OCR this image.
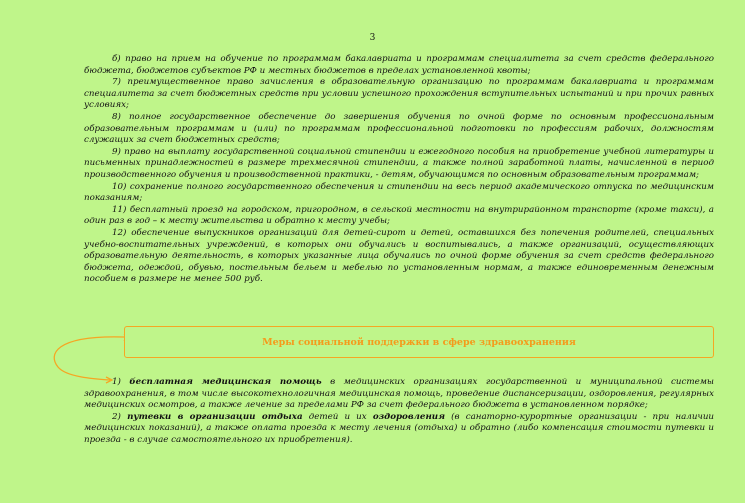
3

б) право на прием на обучение по программам бакалавриата и программам специалитета за счет средств федерального бюджета, бюджетов субъектов РФ и местных бюджетов в пределах установленной квоты;

7) преимущественное право зачисления в образовательную организацию по программам бакалавриата и программам специалитета за счет бюджетных средств при условии успешного прохождения вступительных испытаний и при прочих равных условиях;

8) полное государственное обеспечение до завершения обучения по очной форме по основным профессиональным образовательным программам и (или) по программам профессиональной подготовки по профессиям рабочих, должностям служащих за счет бюджетных средств;

9) право на выплату государственной социальной стипендии и ежегодного пособия на приобретение учебной литературы и письменных принадлежностей в размере трехмесячной стипендии, а также полной заработной платы, начисленной в период производственного обучения и производственной практики, - детям, обучающимся по основным образовательным программам;

10) сохранение полного государственного обеспечения и стипендии на весь период академического отпуска по медицинским показаниям;

11) бесплатный проезд на городском, пригородном, в сельской местности на внутрирайонном транспорте (кроме такси), а один раз в год – к месту жительства и обратно к месту учебы;

12) обеспечение выпускников организаций для детей-сирот и детей, оставшихся без попечения родителей, специальных учебно-воспитательных учреждений, в которых они обучались и воспитывались, а также организаций, осуществляющих образовательную деятельность, в которых указанные лица обучались по очной форме обучения за счет средств федерального бюджета, одеждой, обувью, постельным бельем и мебелью по установленным нормам, а также единовременным денежным пособием в размере не менее 500 руб.

Меры социальной поддержки в сфере здравоохранения

1) бесплатная медицинская помощь в медицинских организациях государственной и муниципальной системы здравоохранения, в том числе высокотехнологичная медицинская помощь, проведение диспансеризации, оздоровления, регулярных медицинских осмотров, а также лечение за пределами РФ за счет федерального бюджета в установленном порядке;

2) путевки в организации отдыха детей и их оздоровления (в санаторно-курортные организации - при наличии медицинских показаний), а также оплата проезда к месту лечения (отдыха) и обратно (либо компенсация стоимости путевки и проезда - в случае самостоятельного их приобретения).
